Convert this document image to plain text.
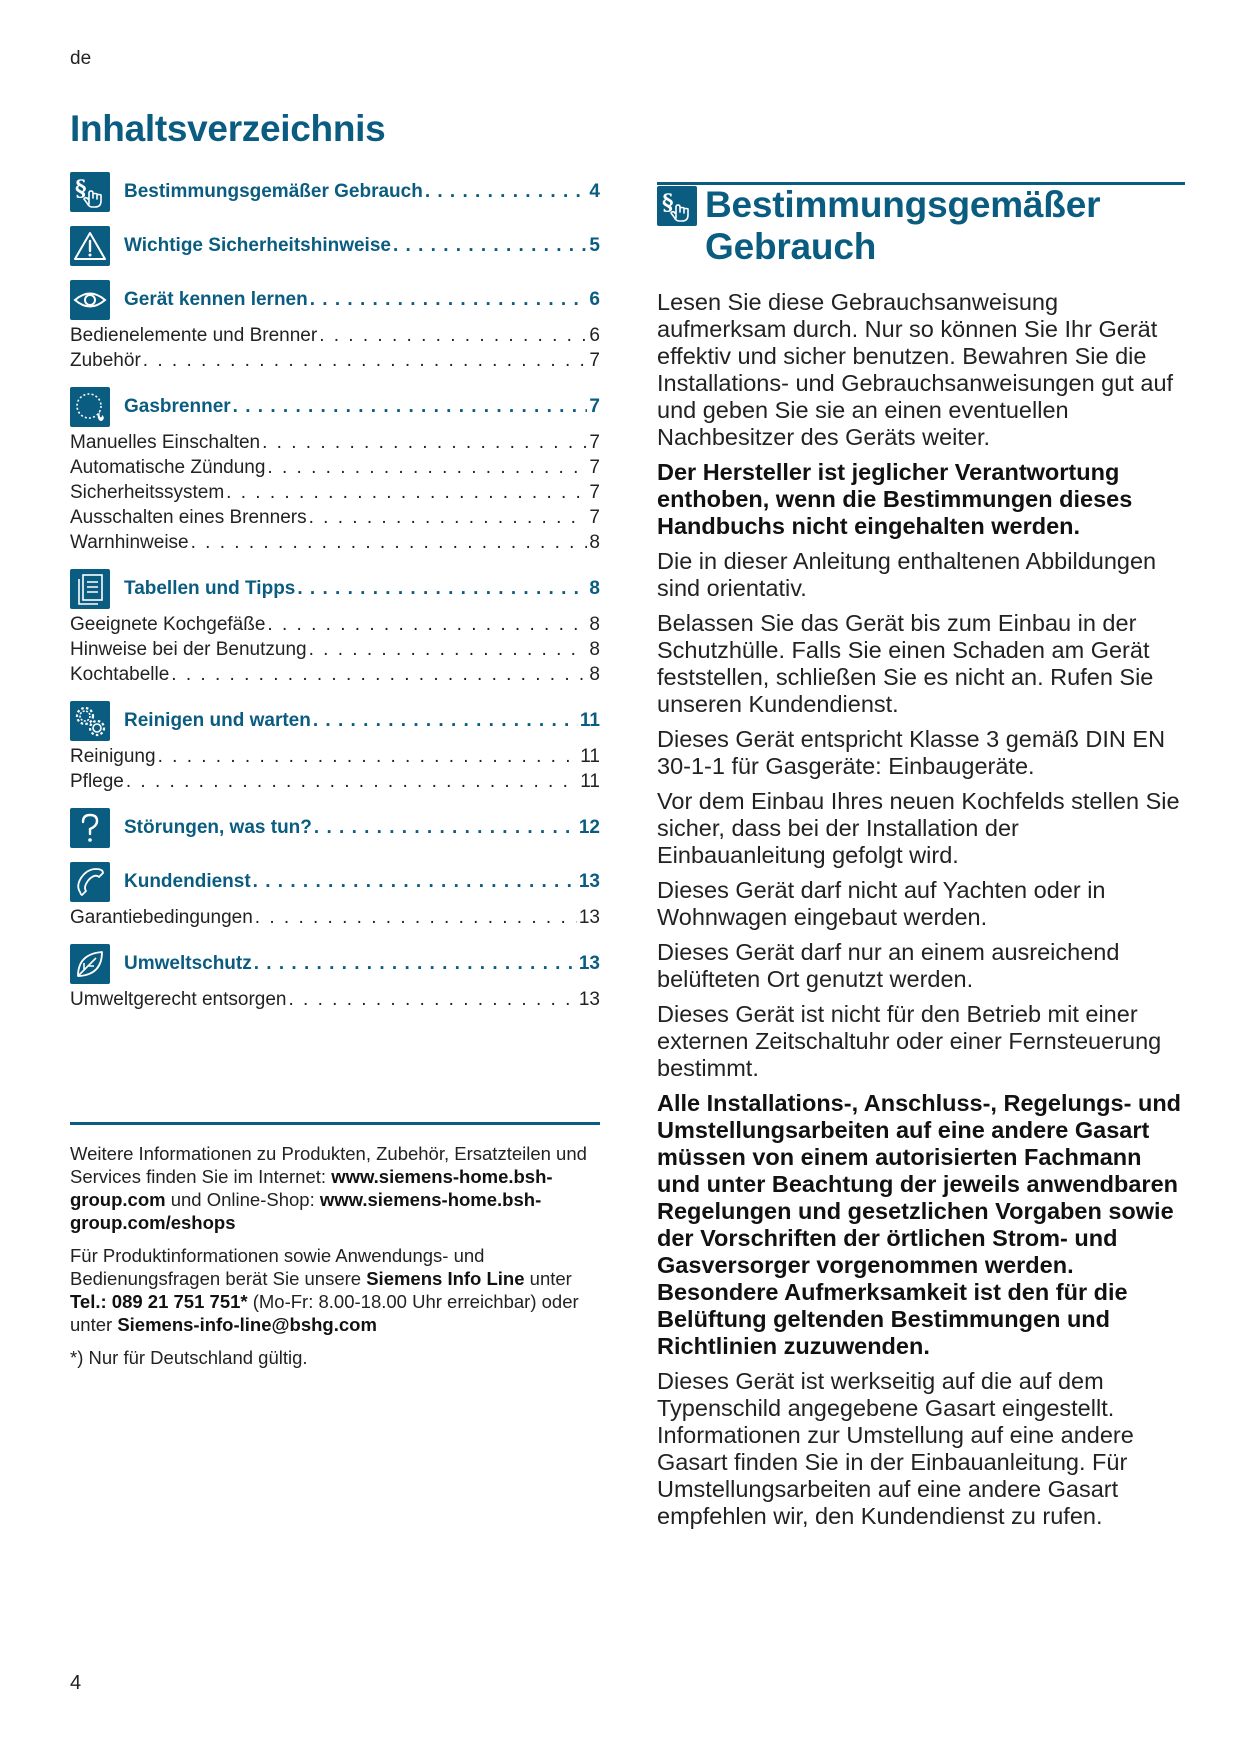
de
Inhaltsverzeichnis
§ Bestimmungsgemäßer Gebrauch . . .	4
Wichtige Sicherheitshinweise . . .	5
Gerät kennen lernen . . .	6
Bedienelemente und Brenner . . .	6
Zubehör . . .	7
Gasbrenner . . .	7
Manuelles Einschalten . . .	7
Automatische Zündung . . .	7
Sicherheitssystem . . .	7
Ausschalten eines Brenners . . .	7
Warnhinweise . . .	8
Tabellen und Tipps . . .	8
Geeignete Kochgefäße . . .	8
Hinweise bei der Benutzung . . .	8
Kochtabelle . . .	8
Reinigen und warten . . .	11
Reinigung . . .	11
Pflege . . .	11
Störungen, was tun? . . .	12
Kundendienst . . .	13
Garantiebedingungen . . .	13
Umweltschutz . . .	13
Umweltgerecht entsorgen . . .	13

Weitere Informationen zu Produkten, Zubehör, Ersatzteilen und Services finden Sie im Internet: www.siemens-home.bsh-group.com und Online-Shop: www.siemens-home.bsh-group.com/eshops

Für Produktinformationen sowie Anwendungs- und Bedienungsfragen berät Sie unsere Siemens Info Line unter Tel.: 089 21 751 751* (Mo-Fr: 8.00-18.00 Uhr erreichbar) oder unter Siemens-info-line@bshg.com

*) Nur für Deutschland gültig.

§ Bestimmungsgemäßer
Gebrauch

Lesen Sie diese Gebrauchsanweisung aufmerksam durch. Nur so können Sie Ihr Gerät effektiv und sicher benutzen. Bewahren Sie die Installations- und Gebrauchsanweisungen gut auf und geben Sie sie an einen eventuellen Nachbesitzer des Geräts weiter.

Der Hersteller ist jeglicher Verantwortung enthoben, wenn die Bestimmungen dieses Handbuchs nicht eingehalten werden.

Die in dieser Anleitung enthaltenen Abbildungen sind orientativ.

Belassen Sie das Gerät bis zum Einbau in der Schutzhülle. Falls Sie einen Schaden am Gerät feststellen, schließen Sie es nicht an. Rufen Sie unseren Kundendienst.

Dieses Gerät entspricht Klasse 3 gemäß DIN EN 30-1-1 für Gasgeräte: Einbaugeräte.

Vor dem Einbau Ihres neuen Kochfelds stellen Sie sicher, dass bei der Installation der Einbauanleitung gefolgt wird.

Dieses Gerät darf nicht auf Yachten oder in Wohnwagen eingebaut werden.

Dieses Gerät darf nur an einem ausreichend belüfteten Ort genutzt werden.

Dieses Gerät ist nicht für den Betrieb mit einer externen Zeitschaltuhr oder einer Fernsteuerung bestimmt.

Alle Installations-, Anschluss-, Regelungs- und Umstellungsarbeiten auf eine andere Gasart müssen von einem autorisierten Fachmann und unter Beachtung der jeweils anwendbaren Regelungen und gesetzlichen Vorgaben sowie der Vorschriften der örtlichen Strom- und Gasversorger vorgenommen werden. Besondere Aufmerksamkeit ist den für die Belüftung geltenden Bestimmungen und Richtlinien zuzuwenden.

Dieses Gerät ist werkseitig auf die auf dem Typenschild angegebene Gasart eingestellt. Informationen zur Umstellung auf eine andere Gasart finden Sie in der Einbauanleitung. Für Umstellungsarbeiten auf eine andere Gasart empfehlen wir, den Kundendienst zu rufen.

4
